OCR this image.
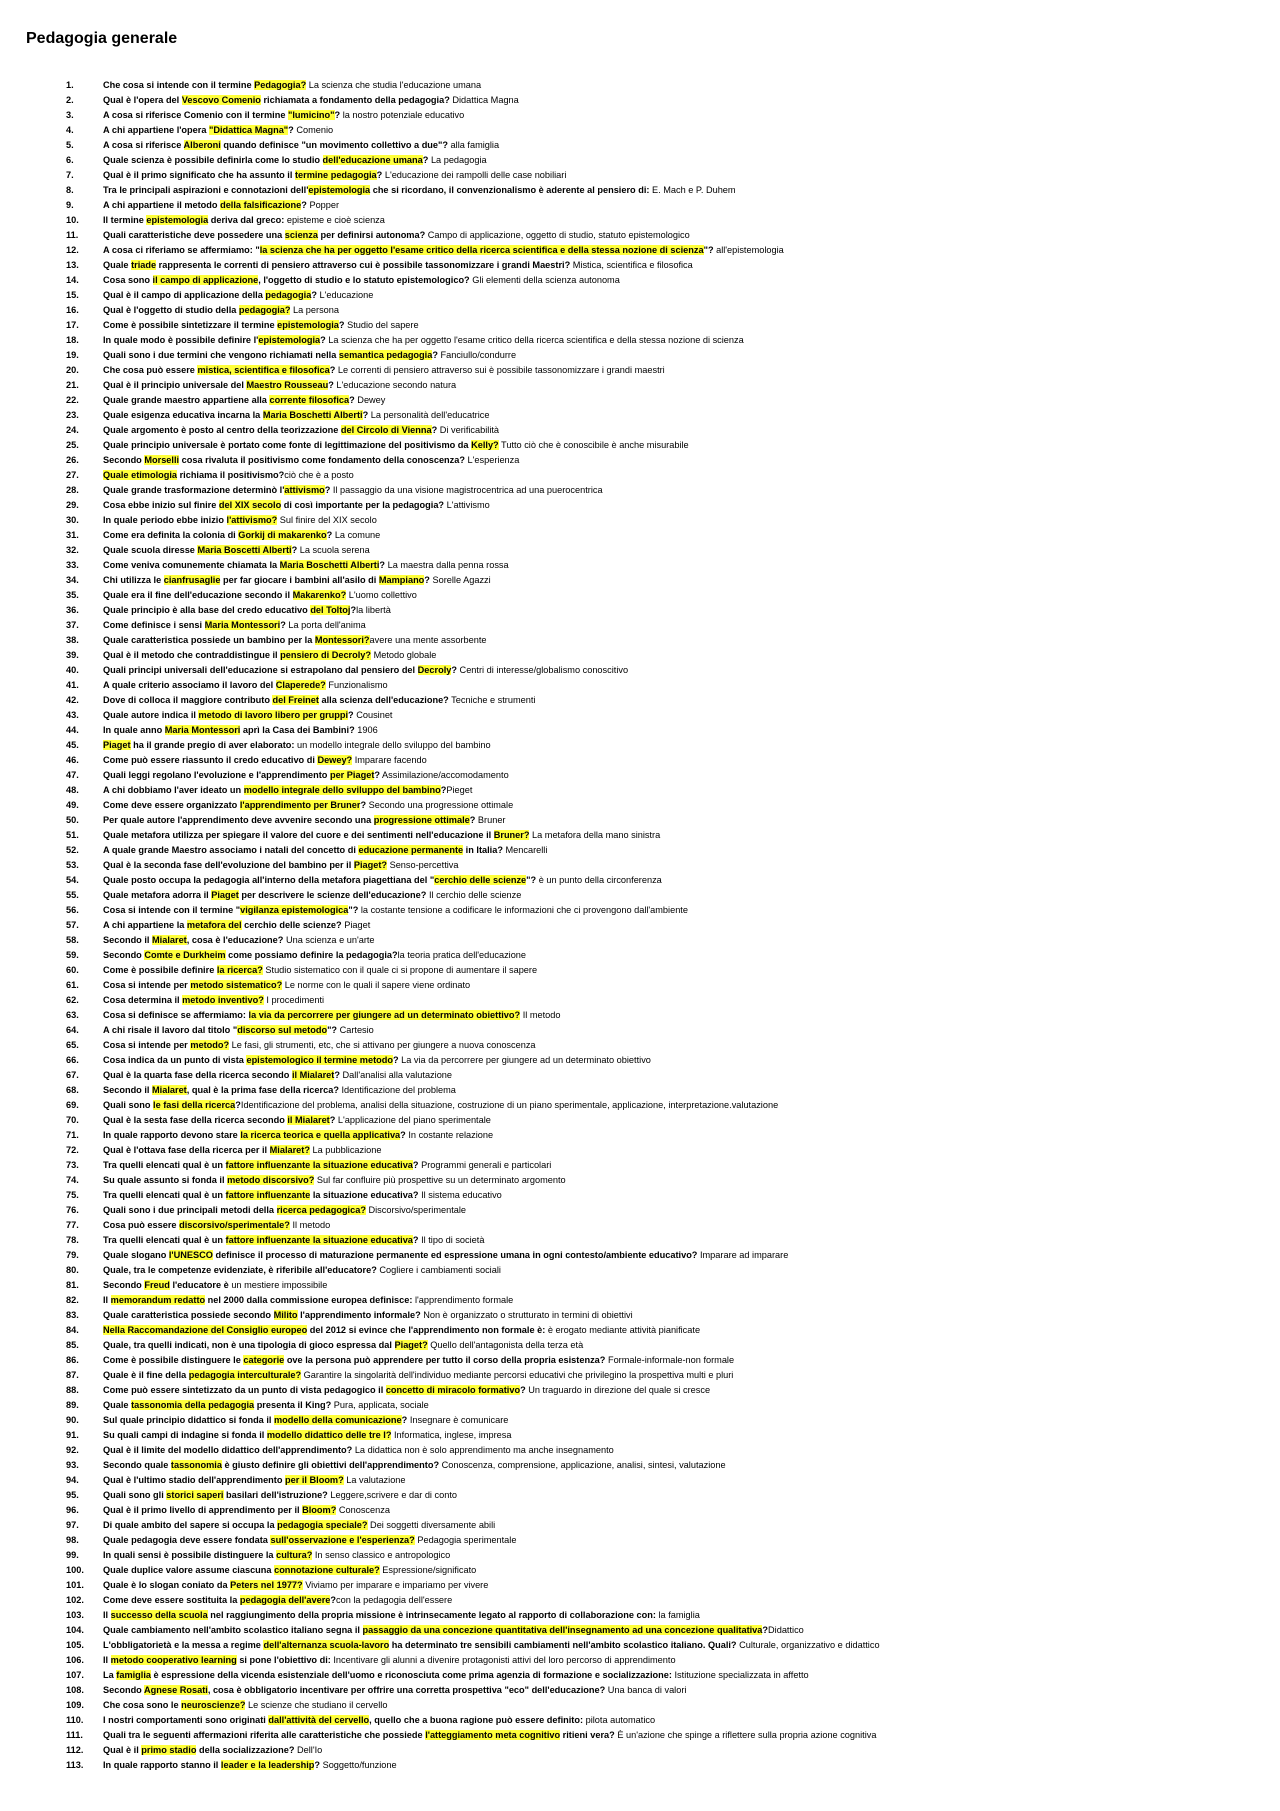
Pedagogia generale
1.	Che cosa si intende con il termine Pedagogia? La scienza che studia l'educazione umana
2.	Qual è l'opera del Vescovo Comenio richiamata a fondamento della pedagogia? Didattica Magna
3.	A cosa si riferisce Comenio con il termine "lumicino"? la nostro potenziale educativo
4.	A chi appartiene l'opera "Didattica Magna"? Comenio
5.	A cosa si riferisce Alberoni quando definisce "un movimento collettivo a due"? alla famiglia
6.	Quale scienza è possibile definirla come lo studio dell'educazione umana? La pedagogia
7.	Qual è il primo significato che ha assunto il termine pedagogia? L'educazione dei rampolli delle case nobiliari
8.	Tra le principali aspirazioni e connotazioni dell'epistemologia che si ricordano, il convenzionalismo è aderente al pensiero di: E. Mach e P. Duhem
9.	A chi appartiene il metodo della falsificazione? Popper
10.	Il termine epistemologia deriva dal greco: episteme e cioè scienza
11.	Quali caratteristiche deve possedere una scienza per definirsi autonoma? Campo di applicazione, oggetto di studio, statuto epistemologico
12.	A cosa ci riferiamo se affermiamo: "la scienza che ha per oggetto l'esame critico della ricerca scientifica e della stessa nozione di scienza"? all'epistemologia
13.	Quale triade rappresenta le correnti di pensiero attraverso cui è possibile tassonomizzare i grandi Maestri? Mistica, scientifica e filosofica
14.	Cosa sono il campo di applicazione, l'oggetto di studio e lo statuto epistemologico? Gli elementi della scienza autonoma
15.	Qual è il campo di applicazione della pedagogia? L'educazione
16.	Qual è l'oggetto di studio della pedagogia? La persona
17.	Come è possibile sintetizzare il termine epistemologia? Studio del sapere
18.	In quale modo è possibile definire l'epistemologia? La scienza che ha per oggetto l'esame critico della ricerca scientifica e della stessa nozione di scienza
19.	Quali sono i due termini che vengono richiamati nella semantica pedagogia? Fanciullo/condurre
20.	Che cosa può essere mistica, scientifica e filosofica? Le correnti di pensiero attraverso sui è possibile tassonomizzare i grandi maestri
21.	Qual è il principio universale del Maestro Rousseau? L'educazione secondo natura
22.	Quale grande maestro appartiene alla corrente filosofica? Dewey
23.	Quale esigenza educativa incarna la Maria Boschetti Alberti? La personalità dell'educatrice
24.	Quale argomento è posto al centro della teorizzazione del Circolo di Vienna? Di verificabilità
25.	Quale principio universale è portato come fonte di legittimazione del positivismo da Kelly? Tutto ciò che è conoscibile è anche misurabile
26.	Secondo Morselli cosa rivaluta il positivismo come fondamento della conoscenza? L'esperienza
27.	Quale etimologia richiama il positivismo?ciò che è a posto
28.	Quale grande trasformazione determinò l'attivismo? Il passaggio da una visione magistrocentrica ad una puerocentrica
29.	Cosa ebbe inizio sul finire del XIX secolo di così importante per la pedagogia? L'attivismo
30.	In quale periodo ebbe inizio l'attivismo? Sul finire del XIX secolo
31.	Come era definita la colonia di Gorkij di makarenko? La comune
32.	Quale scuola diresse Maria Boscetti Alberti? La scuola serena
33.	Come veniva comunemente chiamata la Maria Boschetti Alberti? La maestra dalla penna rossa
34.	Chi utilizza le cianfrusaglie per far giocare i bambini all'asilo di Mampiano? Sorelle Agazzi
35.	Quale era il fine dell'educazione secondo il Makarenko? L'uomo collettivo
36.	Quale principio è alla base del credo educativo del Toltoj?la libertà
37.	Come definisce i sensi Maria Montessori? La porta dell'anima
38.	Quale caratteristica possiede un bambino per la Montessori?avere una mente assorbente
39.	Qual è il metodo che contraddistingue il pensiero di Decroly? Metodo globale
40.	Quali principi universali dell'educazione si estrapolano dal pensiero del Decroly? Centri di interesse/globalismo conoscitivo
41.	A quale criterio associamo il lavoro del Claperede? Funzionalismo
42.	Dove di colloca il maggiore contributo del Freinet alla scienza dell'educazione? Tecniche e strumenti
43.	Quale autore indica il metodo di lavoro libero per gruppi? Cousinet
44.	In quale anno Maria Montessori aprì la Casa dei Bambini? 1906
45.	Piaget ha il grande pregio di aver elaborato: un modello integrale dello sviluppo del bambino
46.	Come può essere riassunto il credo educativo di Dewey? Imparare facendo
47.	Quali leggi regolano l'evoluzione e l'apprendimento per Piaget? Assimilazione/accomodamento
48.	A chi dobbiamo l'aver ideato un modello integrale dello sviluppo del bambino?Pieget
49.	Come deve essere organizzato l'apprendimento per Bruner? Secondo una progressione ottimale
50.	Per quale autore l'apprendimento deve avvenire secondo una progressione ottimale? Bruner
51.	Quale metafora utilizza per spiegare il valore del cuore e dei sentimenti nell'educazione il Bruner? La metafora della mano sinistra
52.	A quale grande Maestro associamo i natali del concetto di educazione permanente in Italia? Mencarelli
53.	Qual è la seconda fase dell'evoluzione del bambino per il Piaget? Senso-percettiva
54.	Quale posto occupa la pedagogia all'interno della metafora piagettiana del "cerchio delle scienze"? è un punto della circonferenza
55.	Quale metafora adorra il Piaget per descrivere le scienze dell'educazione? Il cerchio delle scienze
56.	Cosa si intende con il termine "vigilanza epistemologica"? la costante tensione a codificare le informazioni che ci provengono dall'ambiente
57.	A chi appartiene la metafora del cerchio delle scienze? Piaget
58.	Secondo il Mialaret, cosa è l'educazione? Una scienza e un'arte
59.	Secondo Comte e Durkheim come possiamo definire la pedagogia?la teoria pratica dell'educazione
60.	Come è possibile definire la ricerca? Studio sistematico con il quale ci si propone di aumentare il sapere
61.	Cosa si intende per metodo sistematico? Le norme con le quali il sapere viene ordinato
62.	Cosa determina il metodo inventivo? I procedimenti
63.	Cosa si definisce se affermiamo: la via da percorrere per giungere ad un determinato obiettivo? Il metodo
64.	A chi risale il lavoro dal titolo "discorso sul metodo"? Cartesio
65.	Cosa si intende per metodo? Le fasi, gli strumenti, etc, che si attivano per giungere a nuova conoscenza
66.	Cosa indica da un punto di vista epistemologico il termine metodo? La via da percorrere per giungere ad un determinato obiettivo
67.	Qual è la quarta fase della ricerca secondo il Mialaret? Dall'analisi alla valutazione
68.	Secondo il Mialaret, qual è la prima fase della ricerca? Identificazione del problema
69.	Quali sono le fasi della ricerca?Identificazione del problema, analisi della situazione, costruzione di un piano sperimentale, applicazione, interpretazione.valutazione
70.	Qual è la sesta fase della ricerca secondo il Mialaret? L'applicazione del piano sperimentale
71.	In quale rapporto devono stare la ricerca teorica e quella applicativa? In costante relazione
72.	Qual è l'ottava fase della ricerca per il Mialaret? La pubblicazione
73.	Tra quelli elencati qual è un fattore influenzante la situazione educativa? Programmi generali e particolari
74.	Su quale assunto si fonda il metodo discorsivo? Sul far confluire più prospettive su un determinato argomento
75.	Tra quelli elencati qual è un fattore influenzante la situazione educativa? Il sistema educativo
76.	Quali sono i due principali metodi della ricerca pedagogica? Discorsivo/sperimentale
77.	Cosa può essere discorsivo/sperimentale? Il metodo
78.	Tra quelli elencati qual è un fattore influenzante la situazione educativa? Il tipo di società
79.	Quale slogano l'UNESCO definisce il processo di maturazione permanente ed espressione umana in ogni contesto/ambiente educativo? Imparare ad imparare
80.	Quale, tra le competenze evidenziate, è riferibile all'educatore? Cogliere i cambiamenti sociali
81.	Secondo Freud l'educatore è un mestiere impossibile
82.	Il memorandum redatto nel 2000 dalla commissione europea definisce: l'apprendimento formale
83.	Quale caratteristica possiede secondo Milito l'apprendimento informale? Non è organizzato o strutturato in termini di obiettivi
84.	Nella Raccomandazione del Consiglio europeo del 2012 si evince che l'apprendimento non formale è: è erogato mediante attività pianificate
85.	Quale, tra quelli indicati, non è una tipologia di gioco espressa dal Piaget? Quello dell'antagonista della terza età
86.	Come è possibile distinguere le categorie ove la persona può apprendere per tutto il corso della propria esistenza? Formale-informale-non formale
87.	Quale è il fine della pedagogia interculturale? Garantire la singolarità dell'individuo mediante percorsi educativi che privilegino la prospettiva multi e pluri
88.	Come può essere sintetizzato da un punto di vista pedagogico il concetto di miracolo formativo? Un traguardo in direzione del quale si cresce
89.	Quale tassonomia della pedagogia presenta il King? Pura, applicata, sociale
90.	Sul quale principio didattico si fonda il modello della comunicazione? Insegnare è comunicare
91.	Su quali campi di indagine si fonda il modello didattico delle tre I? Informatica, inglese, impresa
92.	Qual è il limite del modello didattico dell'apprendimento? La didattica non è solo apprendimento ma anche insegnamento
93.	Secondo quale tassonomia è giusto definire gli obiettivi dell'apprendimento? Conoscenza, comprensione, applicazione, analisi, sintesi, valutazione
94.	Qual è l'ultimo stadio dell'apprendimento per il Bloom? La valutazione
95.	Quali sono gli storici saperi basilari dell'istruzione? Leggere,scrivere e dar di conto
96.	Qual è il primo livello di apprendimento per il Bloom? Conoscenza
97.	Di quale ambito del sapere si occupa la pedagogia speciale? Dei soggetti diversamente abili
98.	Quale pedagogia deve essere fondata sull'osservazione e l'esperienza? Pedagogia sperimentale
99.	In quali sensi è possibile distinguere la cultura? In senso classico e antropologico
100.	Quale duplice valore assume ciascuna connotazione culturale? Espressione/significato
101.	Quale è lo slogan coniato da Peters nel 1977? Viviamo per imparare e impariamo per vivere
102.	Come deve essere sostituita la pedagogia dell'avere?con la pedagogia dell'essere
103.	Il successo della scuola nel raggiungimento della propria missione è intrinsecamente legato al rapporto di collaborazione con: la famiglia
104.	Quale cambiamento nell'ambito scolastico italiano segna il passaggio da una concezione quantitativa dell'insegnamento ad una concezione qualitativa?Didattico
105.	L'obbligatorietà e la messa a regime dell'alternanza scuola-lavoro ha determinato tre sensibili cambiamenti nell'ambito scolastico italiano. Quali? Culturale, organizzativo e didattico
106.	Il metodo cooperativo learning si pone l'obiettivo di: Incentivare gli alunni a divenire protagonisti attivi del loro percorso di apprendimento
107.	La famiglia è espressione della vicenda esistenziale dell'uomo e riconosciuta come prima agenzia di formazione e socializzazione: Istituzione specializzata in affetto
108.	Secondo Agnese Rosati, cosa è obbligatorio incentivare per offrire una corretta prospettiva "eco" dell'educazione? Una banca di valori
109.	Che cosa sono le neuroscienze? Le scienze che studiano il cervello
110.	I nostri comportamenti sono originati dall'attività del cervello, quello che a buona ragione può essere definito: pilota automatico
111.	Quali tra le seguenti affermazioni riferita alle caratteristiche che possiede l'atteggiamento meta cognitivo ritieni vera? È un'azione che spinge a riflettere sulla propria azione cognitiva
112.	Qual è il primo stadio della socializzazione? Dell'Io
113.	In quale rapporto stanno il leader e la leadership? Soggetto/funzione
